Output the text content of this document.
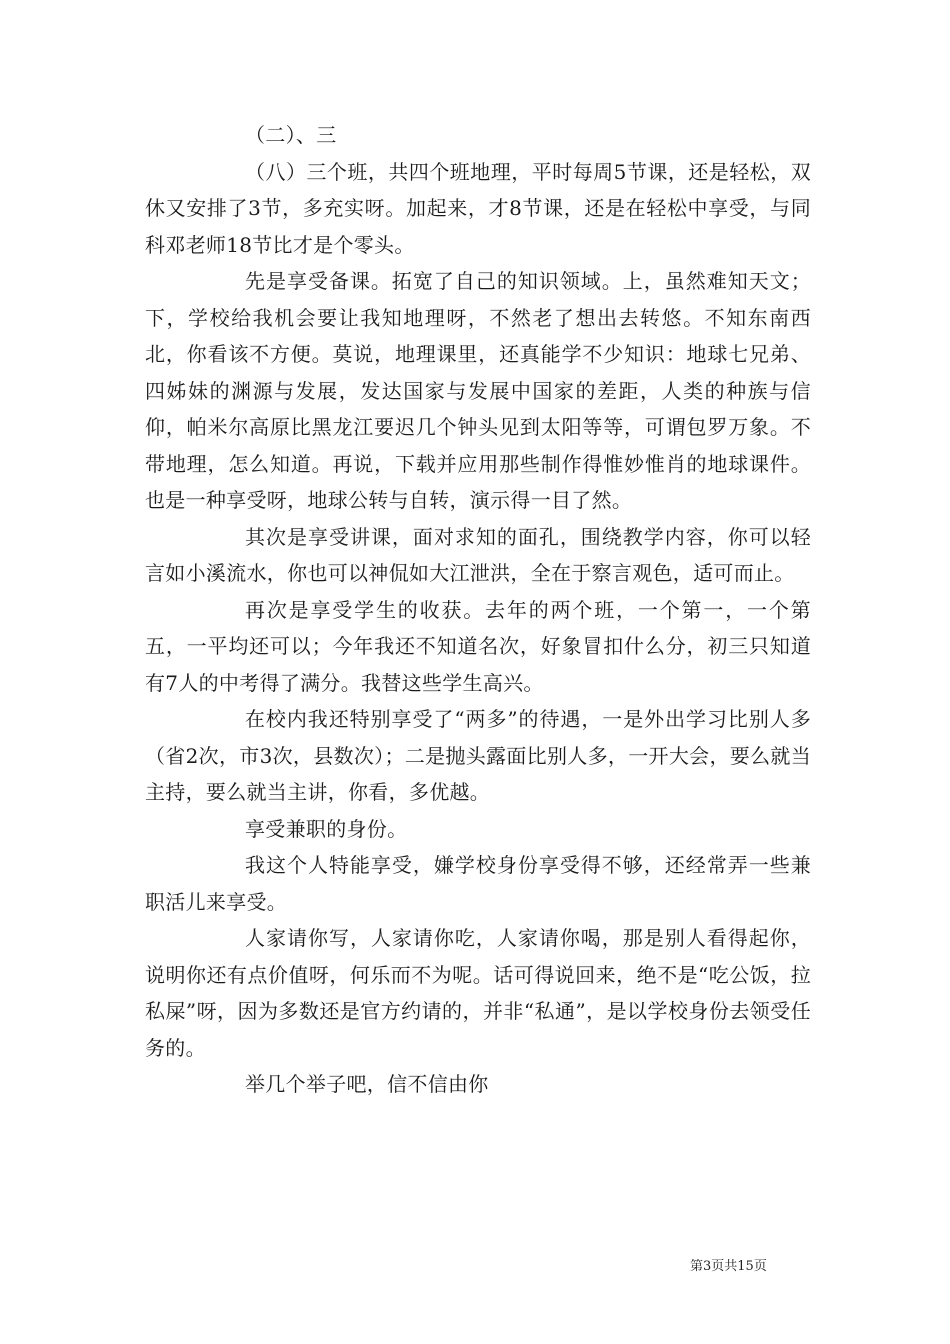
（二）、三

（八）三个班，共四个班地理，平时每周5节课，还是轻松，双休又安排了3节，多充实呀。加起来，才8节课，还是在轻松中享受，与同科邓老师18节比才是个零头。

先是享受备课。拓宽了自己的知识领域。上，虽然难知天文；下，学校给我机会要让我知地理呀，不然老了想出去转悠。不知东南西北，你看该不方便。莫说，地理课里，还真能学不少知识：地球七兄弟、四姊妹的渊源与发展，发达国家与发展中国家的差距，人类的种族与信仰，帕米尔高原比黑龙江要迟几个钟头见到太阳等等，可谓包罗万象。不带地理，怎么知道。再说，下载并应用那些制作得惟妙惟肖的地球课件。也是一种享受呀，地球公转与自转，演示得一目了然。

其次是享受讲课，面对求知的面孔，围绕教学内容，你可以轻言如小溪流水，你也可以神侃如大江泄洪，全在于察言观色，适可而止。

再次是享受学生的收获。去年的两个班，一个第一，一个第五，一平均还可以；今年我还不知道名次，好象冒扣什么分，初三只知道有7人的中考得了满分。我替这些学生高兴。

在校内我还特别享受了“两多”的待遇，一是外出学习比别人多（省2次，市3次，县数次）；二是抛头露面比别人多，一开大会，要么就当主持，要么就当主讲，你看，多优越。

享受兼职的身份。

我这个人特能享受，嫌学校身份享受得不够，还经常弄一些兼职活儿来享受。

人家请你写，人家请你吃，人家请你喝，那是别人看得起你，说明你还有点价值呀，何乐而不为呢。话可得说回来，绝不是“吃公饭，拉私屎”呀，因为多数还是官方约请的，并非“私通”，是以学校身份去领受任务的。

举几个举子吧，信不信由你

第3页共15页
